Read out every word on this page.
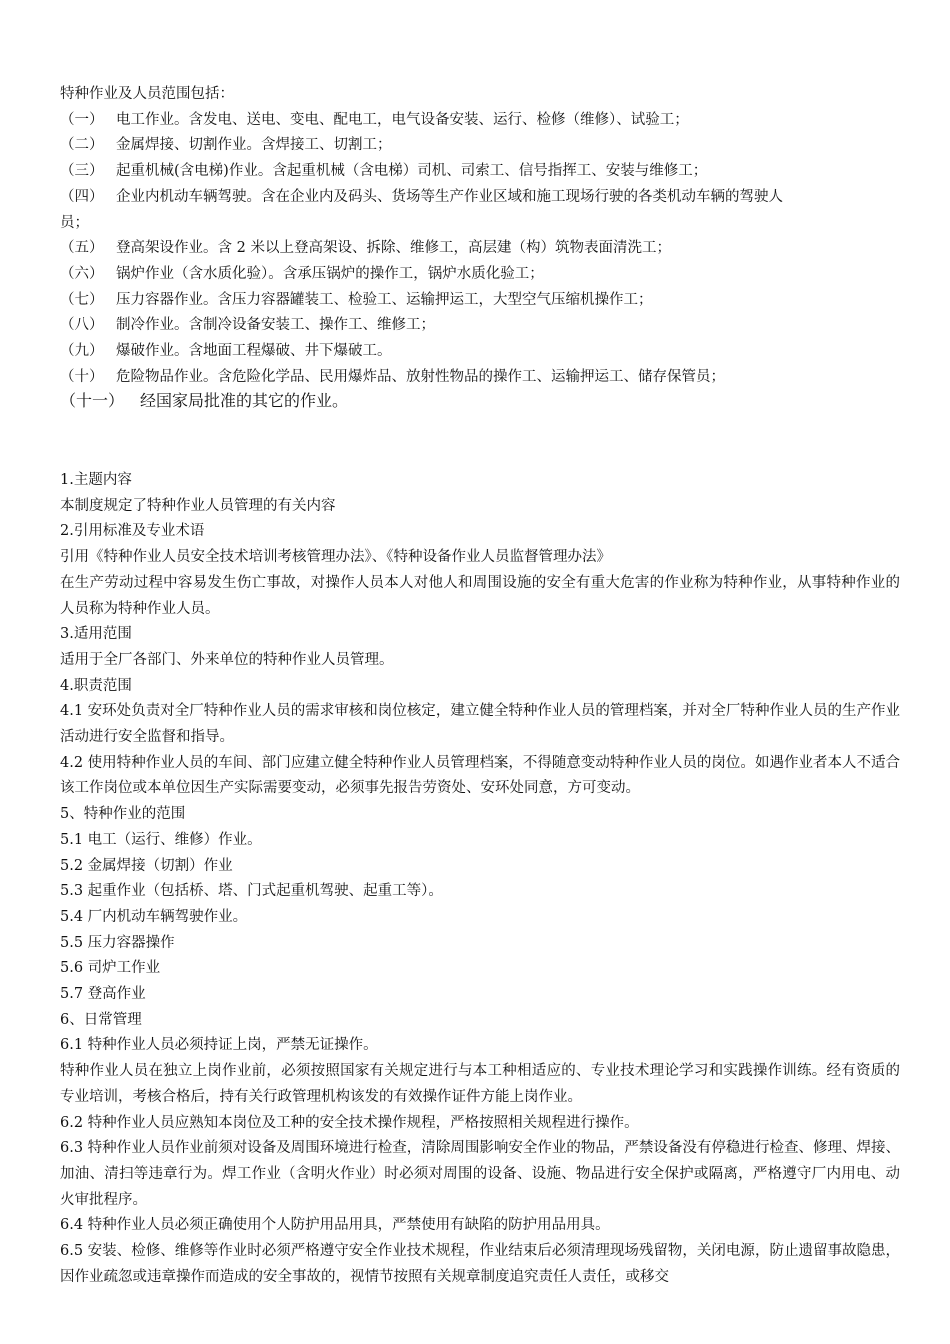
特种作业及人员范围包括：
（一） 电工作业。含发电、送电、变电、配电工，电气设备安装、运行、检修（维修）、试验工；
（二） 金属焊接、切割作业。含焊接工、切割工；
（三） 起重机械(含电梯)作业。含起重机械（含电梯）司机、司索工、信号指挥工、安装与维修工；
（四） 企业内机动车辆驾驶。含在企业内及码头、货场等生产作业区域和施工现场行驶的各类机动车辆的驾驶人
员；
（五） 登高架设作业。含 2 米以上登高架设、拆除、维修工，高层建（构）筑物表面清洗工；
（六） 锅炉作业（含水质化验）。含承压锅炉的操作工，锅炉水质化验工；
（七） 压力容器作业。含压力容器罐装工、检验工、运输押运工，大型空气压缩机操作工；
（八） 制冷作业。含制冷设备安装工、操作工、维修工；
（九） 爆破作业。含地面工程爆破、井下爆破工。
（十） 危险物品作业。含危险化学品、民用爆炸品、放射性物品的操作工、运输押运工、储存保管员；
（十一） 经国家局批准的其它的作业。
1.主题内容
本制度规定了特种作业人员管理的有关内容
2.引用标准及专业术语
引用《特种作业人员安全技术培训考核管理办法》、《特种设备作业人员监督管理办法》
在生产劳动过程中容易发生伤亡事故，对操作人员本人对他人和周围设施的安全有重大危害的作业称为特种作业，从事特种作业的人员称为特种作业人员。
3.适用范围
适用于全厂各部门、外来单位的特种作业人员管理。
4.职责范围
4.1 安环处负责对全厂特种作业人员的需求审核和岗位核定，建立健全特种作业人员的管理档案，并对全厂特种作业人员的生产作业活动进行安全监督和指导。
4.2 使用特种作业人员的车间、部门应建立健全特种作业人员管理档案，不得随意变动特种作业人员的岗位。如遇作业者本人不适合该工作岗位或本单位因生产实际需要变动，必须事先报告劳资处、安环处同意，方可变动。
5、特种作业的范围
5.1 电工（运行、维修）作业。
5.2 金属焊接（切割）作业
5.3 起重作业（包括桥、塔、门式起重机驾驶、起重工等）。
5.4 厂内机动车辆驾驶作业。
5.5 压力容器操作
5.6 司炉工作业
5.7 登高作业
6、日常管理
6.1 特种作业人员必须持证上岗，严禁无证操作。
特种作业人员在独立上岗作业前，必须按照国家有关规定进行与本工种相适应的、专业技术理论学习和实践操作训练。经有资质的专业培训，考核合格后，持有关行政管理机构该发的有效操作证件方能上岗作业。
6.2 特种作业人员应熟知本岗位及工种的安全技术操作规程，严格按照相关规程进行操作。
6.3 特种作业人员作业前须对设备及周围环境进行检查，清除周围影响安全作业的物品，严禁设备没有停稳进行检查、修理、焊接、加油、清扫等违章行为。焊工作业（含明火作业）时必须对周围的设备、设施、物品进行安全保护或隔离，严格遵守厂内用电、动火审批程序。
6.4 特种作业人员必须正确使用个人防护用品用具，严禁使用有缺陷的防护用品用具。
6.5 安装、检修、维修等作业时必须严格遵守安全作业技术规程，作业结束后必须清理现场残留物，关闭电源，防止遗留事故隐患，因作业疏忽或违章操作而造成的安全事故的，视情节按照有关规章制度追究责任人责任，或移交
